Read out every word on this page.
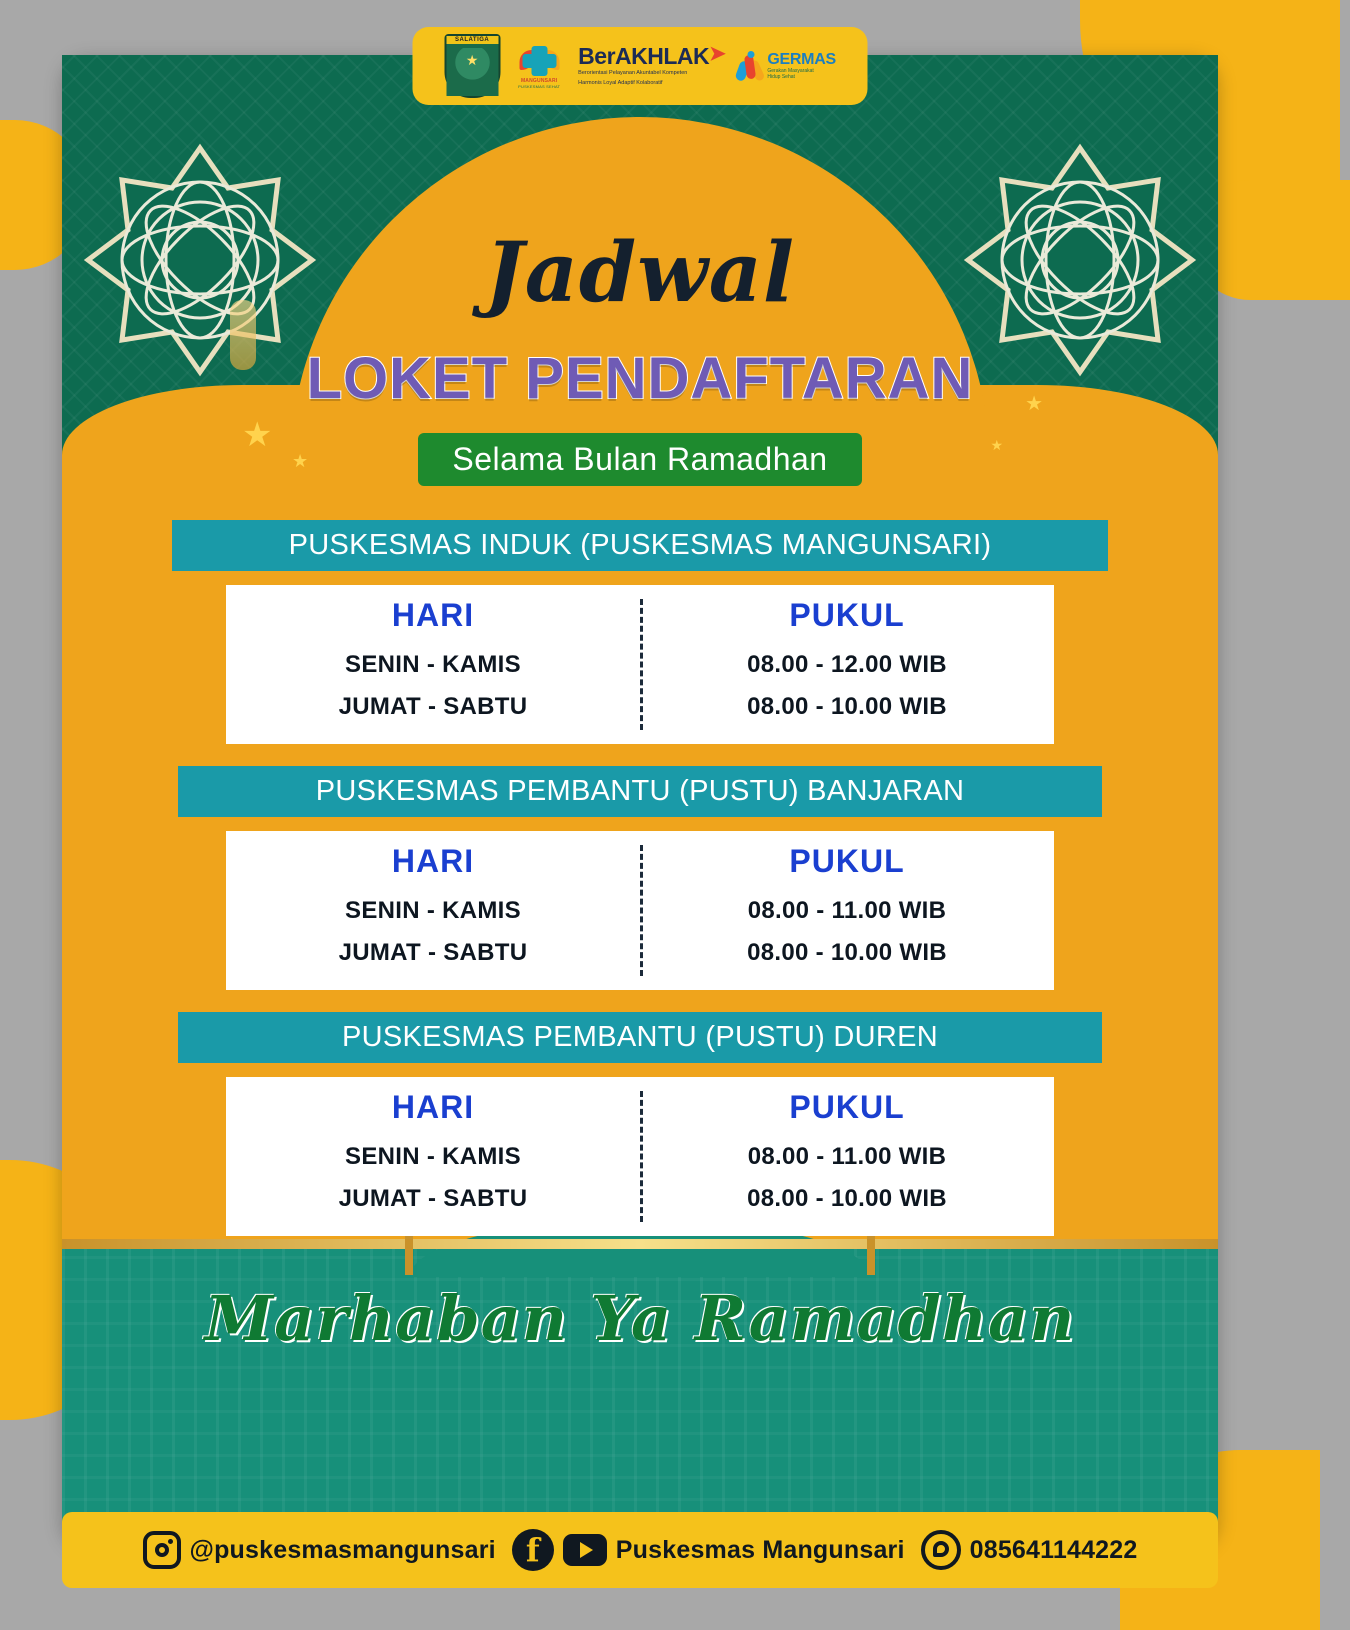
★
★
★
★
SALATIGA
★
MANGUNSARI
PUSKESMAS SEHAT
BerAKHLAK➤
Berorientasi Pelayanan Akuntabel Kompeten
Harmonis Loyal Adaptif Kolaboratif
GERMAS
Gerakan Masyarakat
Hidup Sehat
Jadwal
LOKET PENDAFTARAN
Selama Bulan Ramadhan
PUSKESMAS INDUK (PUSKESMAS MANGUNSARI)
HARI
SENIN - KAMIS
JUMAT - SABTU
PUKUL
08.00 - 12.00 WIB
08.00 - 10.00 WIB
PUSKESMAS PEMBANTU (PUSTU) BANJARAN
HARI
SENIN - KAMIS
JUMAT - SABTU
PUKUL
08.00 - 11.00 WIB
08.00 - 10.00 WIB
PUSKESMAS PEMBANTU (PUSTU) DUREN
HARI
SENIN - KAMIS
JUMAT - SABTU
PUKUL
08.00 - 11.00 WIB
08.00 - 10.00 WIB
Marhaban Ya Ramadhan
@puskesmasmangunsari f	Puskesmas Mangunsari	085641144222
